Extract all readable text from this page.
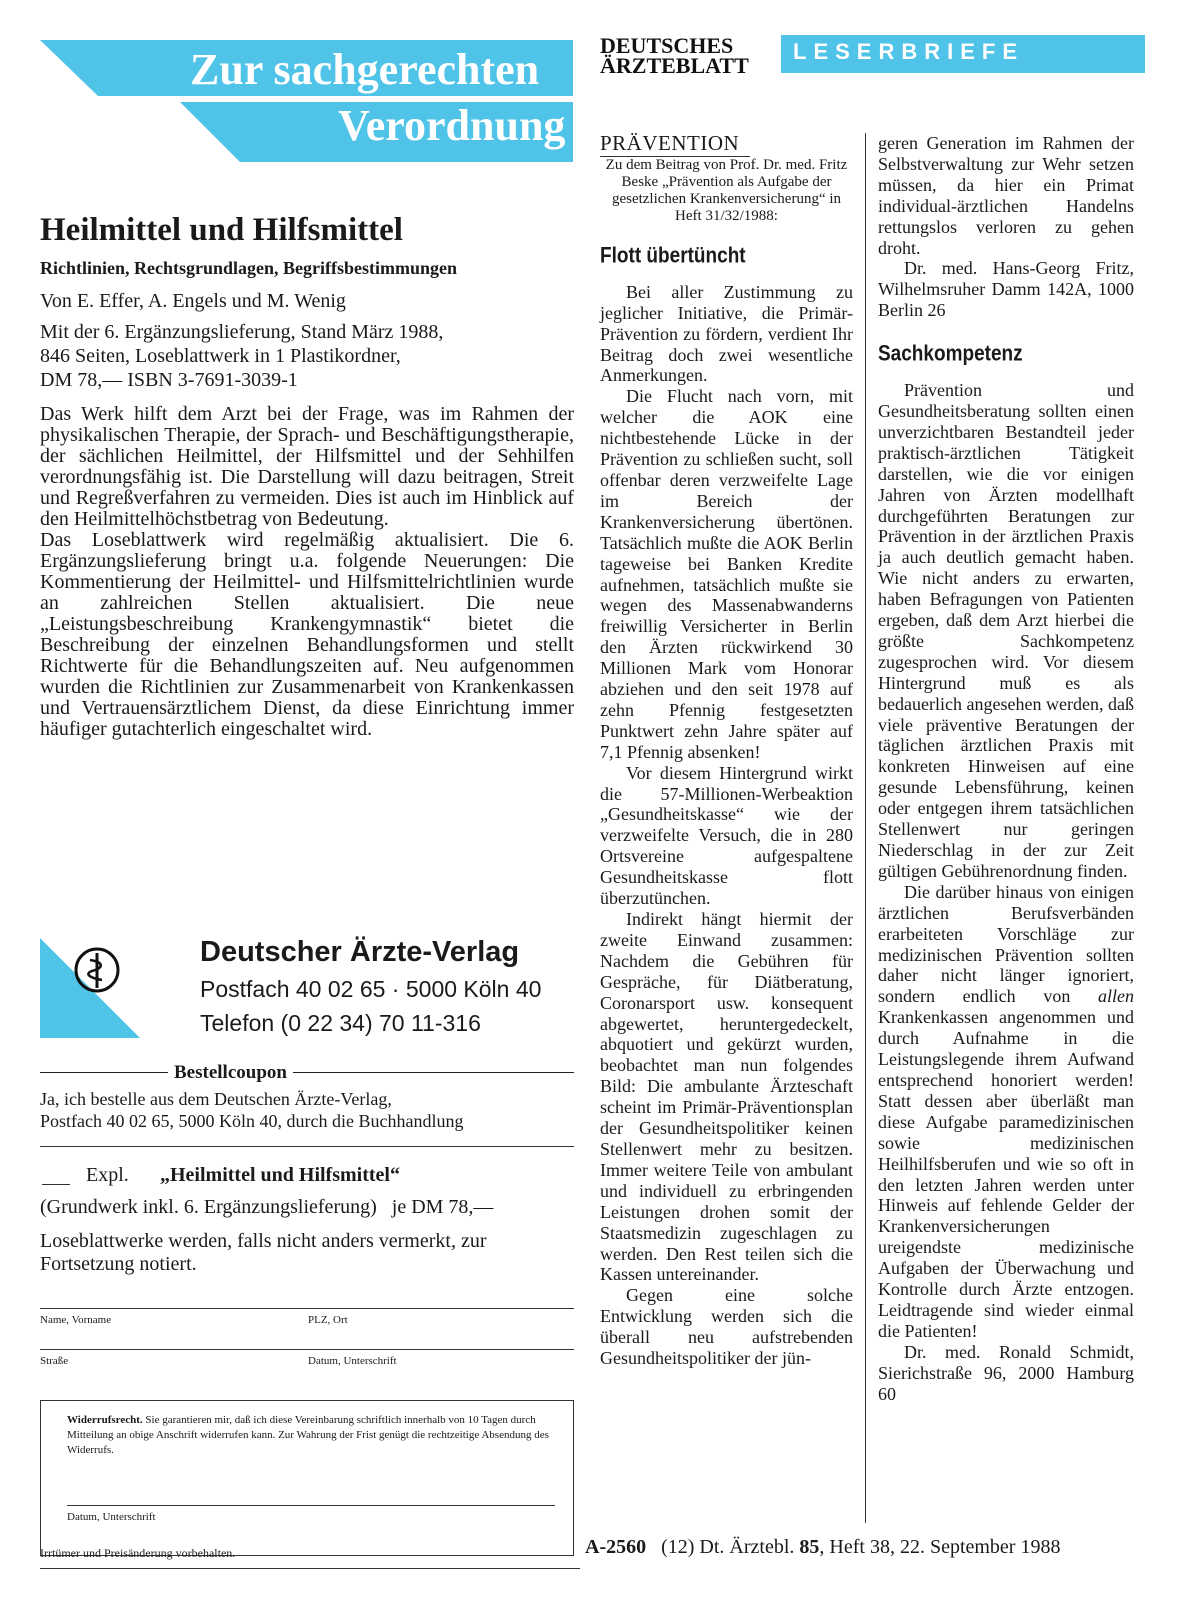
Zur sachgerechten
Verordnung
DEUTSCHES
ÄRZTEBLATT
LESERBRIEFE
Heilmittel und Hilfsmittel
Richtlinien, Rechtsgrundlagen, Begriffsbestimmungen
Von E. Effer, A. Engels und M. Wenig
Mit der 6. Ergänzungslieferung, Stand März 1988,
846 Seiten, Loseblattwerk in 1 Plastikordner,
DM 78,— ISBN 3-7691-3039-1

Das Werk hilft dem Arzt bei der Frage, was im Rahmen der physikalischen Therapie, der Sprach- und Beschäftigungstherapie, der sächlichen Heilmittel, der Hilfsmittel und der Sehhilfen verordnungsfähig ist. Die Darstellung will dazu beitragen, Streit und Regreßverfahren zu vermeiden. Dies ist auch im Hinblick auf den Heilmittelhöchstbetrag von Bedeutung.

Das Loseblattwerk wird regelmäßig aktualisiert. Die 6. Ergänzungslieferung bringt u.a. folgende Neuerungen: Die Kommentierung der Heilmittel- und Hilfsmittelrichtlinien wurde an zahlreichen Stellen aktualisiert. Die neue „Leistungsbeschreibung Krankengymnastik“ bietet die Beschreibung der einzelnen Behandlungsformen und stellt Richtwerte für die Behandlungszeiten auf. Neu aufgenommen wurden die Richtlinien zur Zusammenarbeit von Krankenkassen und Vertrauensärztlichem Dienst, da diese Einrichtung immer häufiger gutachterlich eingeschaltet wird.

Deutscher Ärzte-Verlag
Postfach 40 02 65 · 5000 Köln 40
Telefon (0 22 34) 70 11-316
Bestellcoupon
Ja, ich bestelle aus dem Deutschen Ärzte-Verlag,
Postfach 40 02 65, 5000 Köln 40, durch die Buchhandlung
Expl. „Heilmittel und Hilfsmittel“
(Grundwerk inkl. 6. Ergänzungslieferung)   je DM 78,—
Loseblattwerke werden, falls nicht anders vermerkt, zur
Fortsetzung notiert.
Name, Vorname	PLZ, Ort
Straße	Datum, Unterschrift
Widerrufsrecht. Sie garantieren mir, daß ich diese Vereinbarung schriftlich innerhalb von 10 Tagen durch Mitteilung an obige Anschrift widerrufen kann. Zur Wahrung der Frist genügt die rechtzeitige Absendung des Widerrufs.
Datum, Unterschrift
PRÄVENTION

Zu dem Beitrag von Prof. Dr. med. Fritz Beske „Prävention als Aufgabe der gesetzlichen Krankenversicherung“ in Heft 31/32/1988:

Flott übertüncht

Bei aller Zustimmung zu jeglicher Initiative, die Primär-Prävention zu fördern, verdient Ihr Beitrag doch zwei wesentliche Anmerkungen.

Die Flucht nach vorn, mit welcher die AOK eine nichtbestehende Lücke in der Prävention zu schließen sucht, soll offenbar deren verzweifelte Lage im Bereich der Krankenversicherung übertönen. Tatsächlich mußte die AOK Berlin tageweise bei Banken Kredite aufnehmen, tatsächlich mußte sie wegen des Massenabwanderns freiwillig Versicherter in Berlin den Ärzten rückwirkend 30 Millionen Mark vom Honorar abziehen und den seit 1978 auf zehn Pfennig festgesetzten Punktwert zehn Jahre später auf 7,1 Pfennig absenken!

Vor diesem Hintergrund wirkt die 57-Millionen-Werbeaktion „Gesundheitskasse“ wie der verzweifelte Versuch, die in 280 Ortsvereine aufgespaltene Gesundheitskasse flott überzutünchen.

Indirekt hängt hiermit der zweite Einwand zusammen: Nachdem die Gebühren für Gespräche, für Diätberatung, Coronarsport usw. konsequent abgewertet, heruntergedeckelt, abquotiert und gekürzt wurden, beobachtet man nun folgendes Bild: Die ambulante Ärzteschaft scheint im Primär-Präventionsplan der Gesundheitspolitiker keinen Stellenwert mehr zu besitzen. Immer weitere Teile von ambulant und individuell zu erbringenden Leistungen drohen somit der Staatsmedizin zugeschlagen zu werden. Den Rest teilen sich die Kassen untereinander.

Gegen eine solche Entwicklung werden sich die überall neu aufstrebenden Gesundheitspolitiker der jün-

geren Generation im Rahmen der Selbstverwaltung zur Wehr setzen müssen, da hier ein Primat individual-ärztlichen Handelns rettungslos verloren zu gehen droht.

Dr. med. Hans-Georg Fritz, Wilhelmsruher Damm 142A, 1000 Berlin 26

Sachkompetenz

Prävention und Gesundheitsberatung sollten einen unverzichtbaren Bestandteil jeder praktisch-ärztlichen Tätigkeit darstellen, wie die vor einigen Jahren von Ärzten modellhaft durchgeführten Beratungen zur Prävention in der ärztlichen Praxis ja auch deutlich gemacht haben. Wie nicht anders zu erwarten, haben Befragungen von Patienten ergeben, daß dem Arzt hierbei die größte Sachkompetenz zugesprochen wird. Vor diesem Hintergrund muß es als bedauerlich angesehen werden, daß viele präventive Beratungen der täglichen ärztlichen Praxis mit konkreten Hinweisen auf eine gesunde Lebensführung, keinen oder entgegen ihrem tatsächlichen Stellenwert nur geringen Niederschlag in der zur Zeit gültigen Gebührenordnung finden.

Die darüber hinaus von einigen ärztlichen Berufsverbänden erarbeiteten Vorschläge zur medizinischen Prävention sollten daher nicht länger ignoriert, sondern endlich von allen Krankenkassen angenommen und durch Aufnahme in die Leistungslegende ihrem Aufwand entsprechend honoriert werden! Statt dessen aber überläßt man diese Aufgabe paramedizinischen sowie medizinischen Heilhilfsberufen und wie so oft in den letzten Jahren werden unter Hinweis auf fehlende Gelder der Krankenversicherungen ureigendste medizinische Aufgaben der Überwachung und Kontrolle durch Ärzte entzogen. Leidtragende sind wieder einmal die Patienten!

Dr. med. Ronald Schmidt, Sierichstraße 96, 2000 Hamburg 60

Irrtümer und Preisänderung vorbehalten.	A-2560 (12) Dt. Ärztebl. 85, Heft 38, 22. September 1988
